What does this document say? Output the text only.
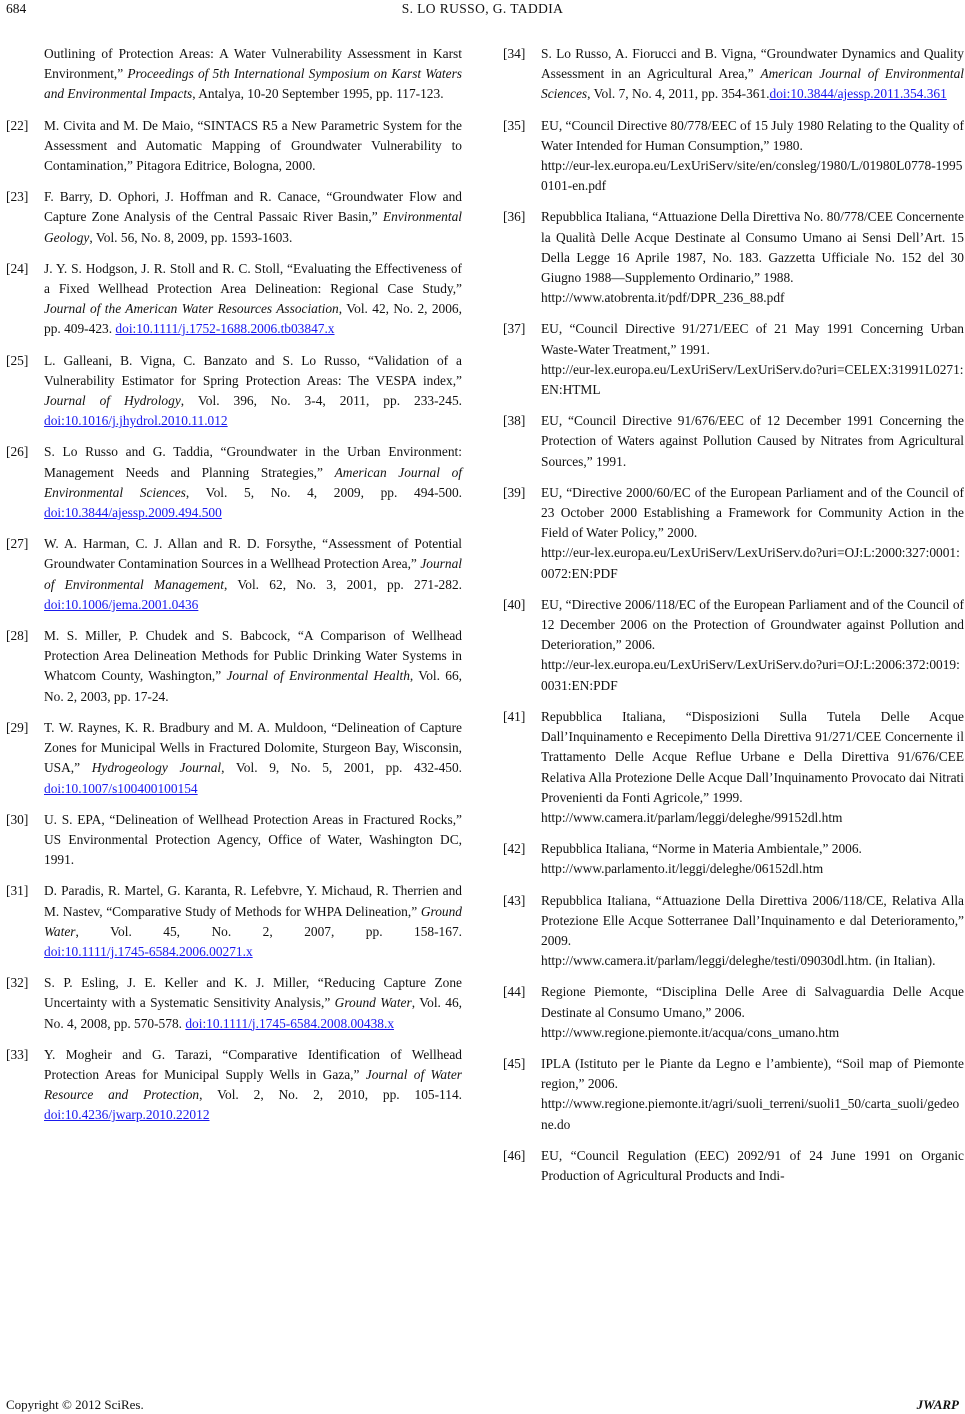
684	S. LO RUSSO, G. TADDIA
Outlining of Protection Areas: A Water Vulnerability Assessment in Karst Environment,” Proceedings of 5th International Symposium on Karst Waters and Environmental Impacts, Antalya, 10-20 September 1995, pp. 117-123.
[22] M. Civita and M. De Maio, “SINTACS R5 a New Parametric System for the Assessment and Automatic Mapping of Groundwater Vulnerability to Contamination,” Pitagora Editrice, Bologna, 2000.
[23] F. Barry, D. Ophori, J. Hoffman and R. Canace, “Groundwater Flow and Capture Zone Analysis of the Central Passaic River Basin,” Environmental Geology, Vol. 56, No. 8, 2009, pp. 1593-1603.
[24] J. Y. S. Hodgson, J. R. Stoll and R. C. Stoll, “Evaluating the Effectiveness of a Fixed Wellhead Protection Area Delineation: Regional Case Study,” Journal of the American Water Resources Association, Vol. 42, No. 2, 2006, pp. 409-423. doi:10.1111/j.1752-1688.2006.tb03847.x
[25] L. Galleani, B. Vigna, C. Banzato and S. Lo Russo, “Validation of a Vulnerability Estimator for Spring Protection Areas: The VESPA index,” Journal of Hydrology, Vol. 396, No. 3-4, 2011, pp. 233-245.doi:10.1016/j.jhydrol.2010.11.012
[26] S. Lo Russo and G. Taddia, “Groundwater in the Urban Environment: Management Needs and Planning Strategies,” American Journal of Environmental Sciences, Vol. 5, No. 4, 2009, pp. 494-500.doi:10.3844/ajessp.2009.494.500
[27] W. A. Harman, C. J. Allan and R. D. Forsythe, “Assessment of Potential Groundwater Contamination Sources in a Wellhead Protection Area,” Journal of Environmental Management, Vol. 62, No. 3, 2001, pp. 271-282.doi:10.1006/jema.2001.0436
[28] M. S. Miller, P. Chudek and S. Babcock, “A Comparison of Wellhead Protection Area Delineation Methods for Public Drinking Water Systems in Whatcom County, Washington,” Journal of Environmental Health, Vol. 66, No. 2, 2003, pp. 17-24.
[29] T. W. Raynes, K. R. Bradbury and M. A. Muldoon, “Delineation of Capture Zones for Municipal Wells in Fractured Dolomite, Sturgeon Bay, Wisconsin, USA,” Hydrogeology Journal, Vol. 9, No. 5, 2001, pp. 432-450.doi:10.1007/s100400100154
[30] U. S. EPA, “Delineation of Wellhead Protection Areas in Fractured Rocks,” US Environmental Protection Agency, Office of Water, Washington DC, 1991.
[31] D. Paradis, R. Martel, G. Karanta, R. Lefebvre, Y. Michaud, R. Therrien and M. Nastev, “Comparative Study of Methods for WHPA Delineation,” Ground Water, Vol. 45, No. 2, 2007, pp. 158-167.doi:10.1111/j.1745-6584.2006.00271.x
[32] S. P. Esling, J. E. Keller and K. J. Miller, “Reducing Capture Zone Uncertainty with a Systematic Sensitivity Analysis,” Ground Water, Vol. 46, No. 4, 2008, pp. 570-578. doi:10.1111/j.1745-6584.2008.00438.x
[33] Y. Mogheir and G. Tarazi, “Comparative Identification of Wellhead Protection Areas for Municipal Supply Wells in Gaza,” Journal of Water Resource and Protection, Vol. 2, No. 2, 2010, pp. 105-114. doi:10.4236/jwarp.2010.22012
[34] S. Lo Russo, A. Fiorucci and B. Vigna, “Groundwater Dynamics and Quality Assessment in an Agricultural Area,” American Journal of Environmental Sciences, Vol. 7, No. 4, 2011, pp. 354-361.doi:10.3844/ajessp.2011.354.361
[35] EU, “Council Directive 80/778/EEC of 15 July 1980 Relating to the Quality of Water Intended for Human Consumption,” 1980.
http://eur-lex.europa.eu/LexUriServ/site/en/consleg/1980/L/01980L0778-19950101-en.pdf
[36] Repubblica Italiana, “Attuazione Della Direttiva No. 80/778/CEE Concernente la Qualità Delle Acque Destinate al Consumo Umano ai Sensi Dell’Art. 15 Della Legge 16 Aprile 1987, No. 183. Gazzetta Ufficiale No. 152 del 30 Giugno 1988—Supplemento Ordinario,” 1988.
http://www.atobrenta.it/pdf/DPR_236_88.pdf
[37] EU, “Council Directive 91/271/EEC of 21 May 1991 Concerning Urban Waste-Water Treatment,” 1991.
http://eur-lex.europa.eu/LexUriServ/LexUriServ.do?uri=CELEX:31991L0271:EN:HTML
[38] EU, “Council Directive 91/676/EEC of 12 December 1991 Concerning the Protection of Waters against Pollution Caused by Nitrates from Agricultural Sources,” 1991.
[39] EU, “Directive 2000/60/EC of the European Parliament and of the Council of 23 October 2000 Establishing a Framework for Community Action in the Field of Water Policy,” 2000.
http://eur-lex.europa.eu/LexUriServ/LexUriServ.do?uri=OJ:L:2000:327:0001:0072:EN:PDF
[40] EU, “Directive 2006/118/EC of the European Parliament and of the Council of 12 December 2006 on the Protection of Groundwater against Pollution and Deterioration,” 2006.
http://eur-lex.europa.eu/LexUriServ/LexUriServ.do?uri=OJ:L:2006:372:0019:0031:EN:PDF
[41] Repubblica Italiana, “Disposizioni Sulla Tutela Delle Acque Dall’Inquinamento e Recepimento Della Direttiva 91/271/CEE Concernente il Trattamento Delle Acque Reflue Urbane e Della Direttiva 91/676/CEE Relativa Alla Protezione Delle Acque Dall’Inquinamento Provocato dai Nitrati Provenienti da Fonti Agricole,” 1999.
http://www.camera.it/parlam/leggi/deleghe/99152dl.htm
[42] Repubblica Italiana, “Norme in Materia Ambientale,” 2006.
http://www.parlamento.it/leggi/deleghe/06152dl.htm
[43] Repubblica Italiana, “Attuazione Della Direttiva 2006/118/CE, Relativa Alla Protezione Elle Acque Sotterranee Dall’Inquinamento e dal Deterioramento,” 2009.
http://www.camera.it/parlam/leggi/deleghe/testi/09030dl.htm. (in Italian).
[44] Regione Piemonte, “Disciplina Delle Aree di Salvaguardia Delle Acque Destinate al Consumo Umano,” 2006.
http://www.regione.piemonte.it/acqua/cons_umano.htm
[45] IPLA (Istituto per le Piante da Legno e l’ambiente), “Soil map of Piemonte region,” 2006.
http://www.regione.piemonte.it/agri/suoli_terreni/suoli1_50/carta_suoli/gedeone.do
[46] EU, “Council Regulation (EEC) 2092/91 of 24 June 1991 on Organic Production of Agricultural Products and Indi-
Copyright © 2012 SciRes.	JWARP
